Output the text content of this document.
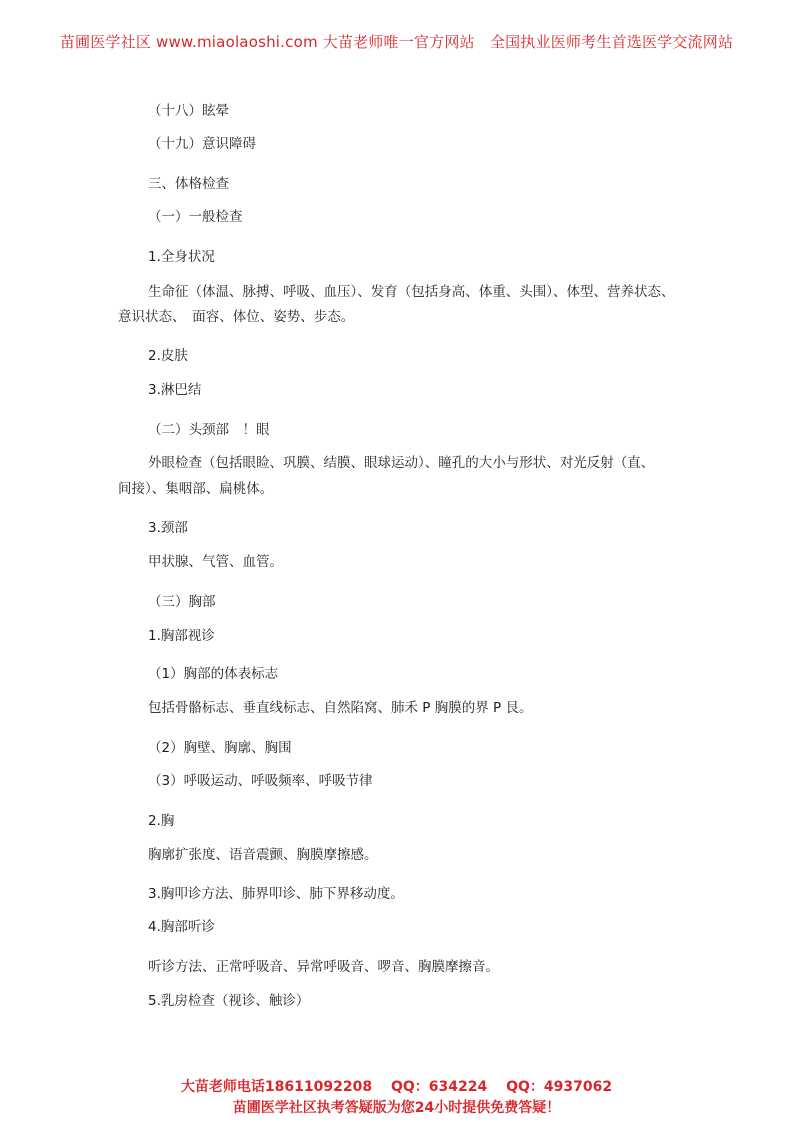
苗圃医学社区 www.miaolaoshi.com 大苗老师唯一官方网站　全国执业医师考生首选医学交流网站
（十八）眩晕
（十九）意识障碍
三、体格检查
（一）一般检查
1.全身状况
生命征（体温、脉搏、呼吸、血压）、发育（包括身高、体重、头围）、体型、营养状态、
意识状态、　面容、体位、姿势、步态。
2.皮肤
3.淋巴结
（二）头颈部　！眼
外眼检查（包括眼睑、巩膜、结膜、眼球运动）、瞳孔的大小与形状、对光反射（直、
间接）、集咽部、扁桃体。
3.颈部
甲状腺、气管、血管。
（三）胸部
1.胸部视诊
（1）胸部的体表标志
包括骨骼标志、垂直线标志、自然陷窝、肺禾 P 胸膜的界 P 艮。
（2）胸壁、胸廓、胸围
（3）呼吸运动、呼吸频率、呼吸节律
2.胸
胸廓扩张度、语音震颤、胸膜摩擦感。
3.胸叩诊方法、肺界叩诊、肺下界移动度。
4.胸部听诊
听诊方法、正常呼吸音、异常呼吸音、啰音、胸膜摩擦音。
5.乳房检查（视诊、触诊）
大苗老师电话18611092208　 QQ：634224　 QQ：4937062
苗圃医学社区执考答疑版为您24小时提供免费答疑！
